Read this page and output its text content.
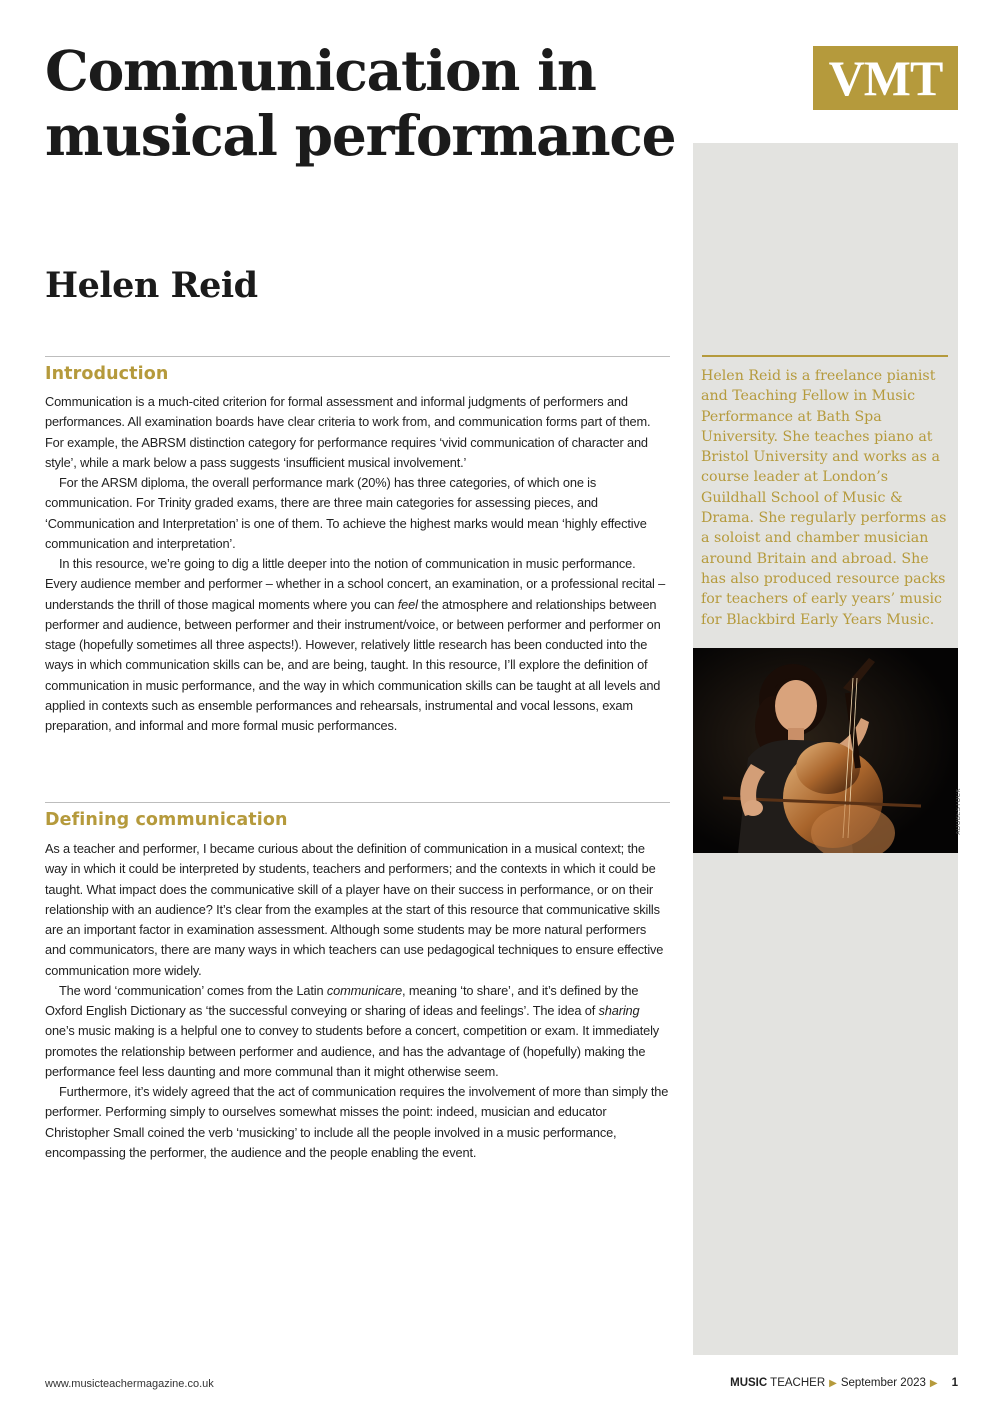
Communication in musical performance
Helen Reid
VMT

Helen Reid is a freelance pianist and Teaching Fellow in Music Performance at Bath Spa University. She teaches piano at Bristol University and works as a course leader at London’s Guildhall School of Music & Drama. She regularly performs as a soloist and chamber musician around Britain and abroad. She has also produced resource packs for teachers of early years’ music for Blackbird Early Years Music.

ADOBESTOCK
Introduction

Communication is a much-cited criterion for formal assessment and informal judgments of performers and performances. All examination boards have clear criteria to work from, and communication forms part of them. For example, the ABRSM distinction category for performance requires ‘vivid communication of character and style’, while a mark below a pass suggests ‘insufficient musical involvement.’

For the ARSM diploma, the overall performance mark (20%) has three categories, of which one is communication. For Trinity graded exams, there are three main categories for assessing pieces, and ‘Communication and Interpretation’ is one of them. To achieve the highest marks would mean ‘highly effective communication and interpretation’.

In this resource, we’re going to dig a little deeper into the notion of communication in music performance. Every audience member and performer – whether in a school concert, an examination, or a professional recital – understands the thrill of those magical moments where you can feel the atmosphere and relationships between performer and audience, between performer and their instrument/voice, or between performer and performer on stage (hopefully sometimes all three aspects!). However, relatively little research has been conducted into the ways in which communication skills can be, and are being, taught. In this resource, I’ll explore the definition of communication in music performance, and the way in which communication skills can be taught at all levels and applied in contexts such as ensemble performances and rehearsals, instrumental and vocal lessons, exam preparation, and informal and more formal music performances.

Defining communication

As a teacher and performer, I became curious about the definition of communication in a musical context; the way in which it could be interpreted by students, teachers and performers; and the contexts in which it could be taught. What impact does the communicative skill of a player have on their success in performance, or on their relationship with an audience? It’s clear from the examples at the start of this resource that communicative skills are an important factor in examination assessment. Although some students may be more natural performers and communicators, there are many ways in which teachers can use pedagogical techniques to ensure effective communication more widely.

The word ‘communication’ comes from the Latin communicare, meaning ‘to share’, and it’s defined by the Oxford English Dictionary as ‘the successful conveying or sharing of ideas and feelings’. The idea of sharing one’s music making is a helpful one to convey to students before a concert, competition or exam. It immediately promotes the relationship between performer and audience, and has the advantage of (hopefully) making the performance feel less daunting and more communal than it might otherwise seem.

Furthermore, it’s widely agreed that the act of communication requires the involvement of more than simply the performer. Performing simply to ourselves somewhat misses the point: indeed, musician and educator Christopher Small coined the verb ‘musicking’ to include all the people involved in a music performance, encompassing the performer, the audience and the people enabling the event.

www.musicteachermagazine.co.uk	MUSIC TEACHER ▶ September 2023 ▶ 1
